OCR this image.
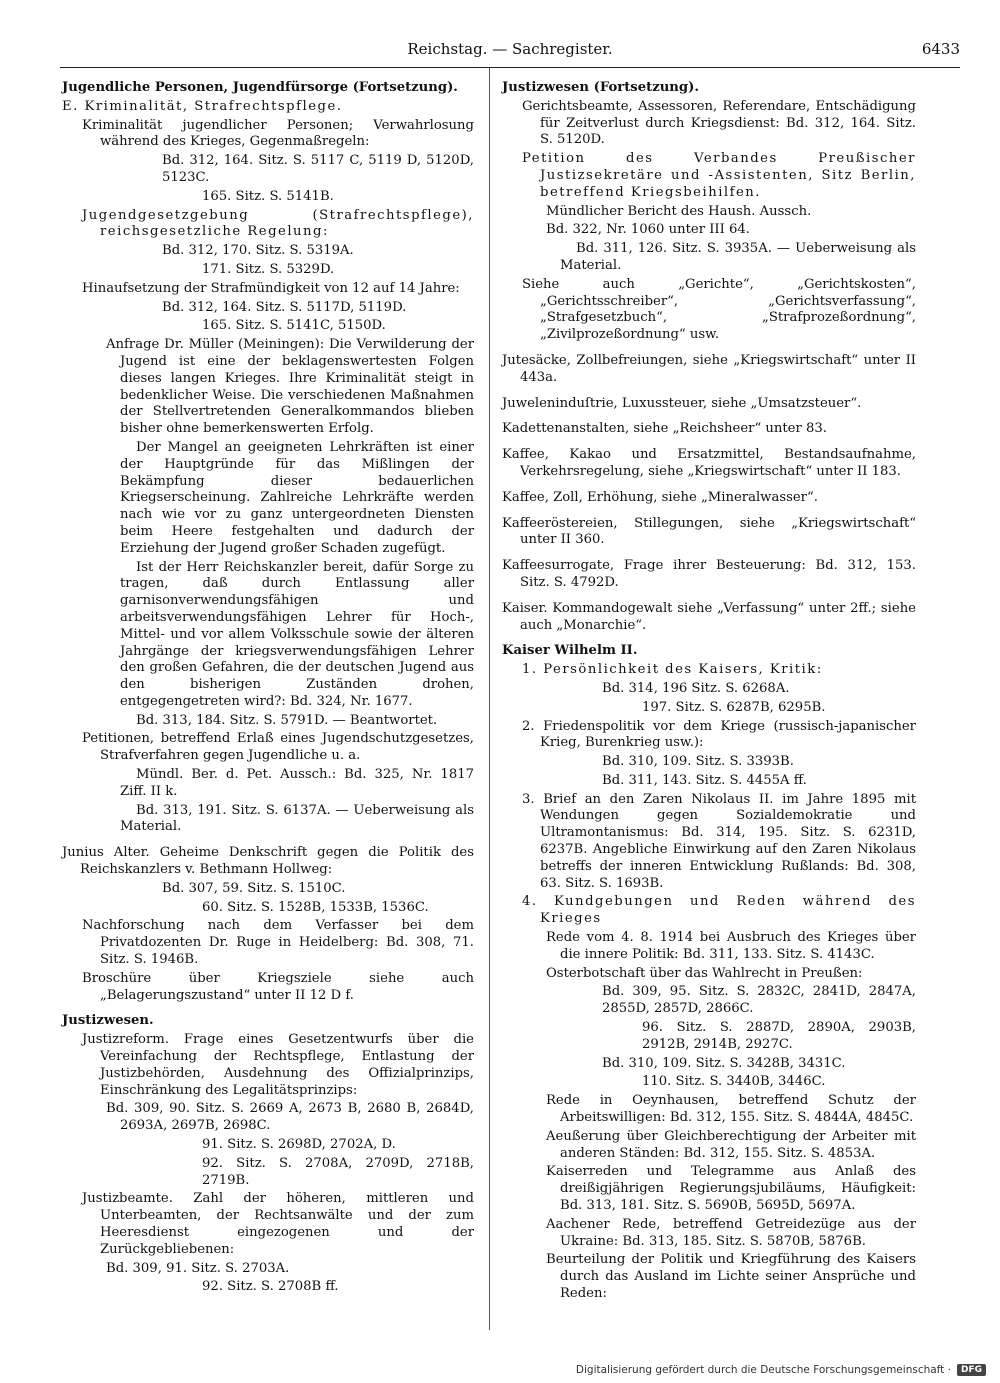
Reichstag. — Sachregister.	6433

Jugendliche Personen, Jugendfürsorge (Fortsetzung).

E. Kriminalität, Strafrechtspflege.

Kriminalität jugendlicher Personen; Verwahrlosung während des Krieges, Gegenmaßregeln:

Bd. 312, 164. Sitz. S. 5117 C, 5119 D, 5120D, 5123C.

165. Sitz. S. 5141B.

Jugendgesetzgebung (Strafrechtspflege), reichsgesetzliche Regelung:

Bd. 312, 170. Sitz. S. 5319A.

171. Sitz. S. 5329D.

Hinaufsetzung der Strafmündigkeit von 12 auf 14 Jahre:

Bd. 312, 164. Sitz. S. 5117D, 5119D.

165. Sitz. S. 5141C, 5150D.

Anfrage Dr. Müller (Meiningen): Die Verwilderung der Jugend ist eine der beklagenswertesten Folgen dieses langen Krieges. Ihre Kriminalität steigt in bedenklicher Weise. Die verschiedenen Maßnahmen der Stellvertretenden Generalkommandos blieben bisher ohne bemerkenswerten Erfolg.

Der Mangel an geeigneten Lehrkräften ist einer der Hauptgründe für das Mißlingen der Bekämpfung dieser bedauerlichen Kriegserscheinung. Zahlreiche Lehrkräfte werden nach wie vor zu ganz untergeordneten Diensten beim Heere festgehalten und dadurch der Erziehung der Jugend großer Schaden zugefügt.

Ist der Herr Reichskanzler bereit, dafür Sorge zu tragen, daß durch Entlassung aller garnisonverwendungsfähigen und arbeitsverwendungsfähigen Lehrer für Hoch-, Mittel- und vor allem Volksschule sowie der älteren Jahrgänge der kriegsverwendungsfähigen Lehrer den großen Gefahren, die der deutschen Jugend aus den bisherigen Zuständen drohen, entgegengetreten wird?: Bd. 324, Nr. 1677.

Bd. 313, 184. Sitz. S. 5791D. — Beantwortet.

Petitionen, betreffend Erlaß eines Jugendschutzgesetzes, Strafverfahren gegen Jugendliche u. a.

Mündl. Ber. d. Pet. Aussch.: Bd. 325, Nr. 1817 Ziff. II k.

Bd. 313, 191. Sitz. S. 6137A. — Ueberweisung als Material.

Junius Alter. Geheime Denkschrift gegen die Politik des Reichskanzlers v. Bethmann Hollweg:

Bd. 307, 59. Sitz. S. 1510C.

60. Sitz. S. 1528B, 1533B, 1536C.

Nachforschung nach dem Verfasser bei dem Privatdozenten Dr. Ruge in Heidelberg: Bd. 308, 71. Sitz. S. 1946B.

Broschüre über Kriegsziele siehe auch „Belagerungszustand“ unter II 12 D f.

Justizwesen.

Justizreform. Frage eines Gesetzentwurfs über die Vereinfachung der Rechtspflege, Entlastung der Justizbehörden, Ausdehnung des Offizialprinzips, Einschränkung des Legalitätsprinzips:

Bd. 309, 90. Sitz. S. 2669 A, 2673 B, 2680 B, 2684D, 2693A, 2697B, 2698C.

91. Sitz. S. 2698D, 2702A, D.

92. Sitz. S. 2708A, 2709D, 2718B, 2719B.

Justizbeamte. Zahl der höheren, mittleren und Unterbeamten, der Rechtsanwälte und der zum Heeresdienst eingezogenen und der Zurückgebliebenen:

Bd. 309, 91. Sitz. S. 2703A.

92. Sitz. S. 2708B ff.

Justizwesen (Fortsetzung).

Gerichtsbeamte, Assessoren, Referendare, Entschädigung für Zeitverlust durch Kriegsdienst: Bd. 312, 164. Sitz. S. 5120D.

Petition des Verbandes Preußischer Justizsekretäre und -Assistenten, Sitz Berlin, betreffend Kriegsbeihilfen.

Mündlicher Bericht des Haush. Aussch.

Bd. 322, Nr. 1060 unter III 64.

Bd. 311, 126. Sitz. S. 3935A. — Ueberweisung als Material.

Siehe auch „Gerichte“, „Gerichtskosten“, „Gerichtsschreiber“, „Gerichtsverfassung“, „Strafgesetzbuch“, „Strafprozeßordnung“, „Zivilprozeßordnung“ usw.

Jutesäcke, Zollbefreiungen, siehe „Kriegswirtschaft“ unter II 443a.

Juweleninduſtrie, Luxussteuer, siehe „Umsatzsteuer“.

Kadettenanstalten, siehe „Reichsheer“ unter 83.

Kaffee, Kakao und Ersatzmittel, Bestandsaufnahme, Verkehrsregelung, siehe „Kriegswirtschaft“ unter II 183.

Kaffee, Zoll, Erhöhung, siehe „Mineralwasser“.

Kaffeeröstereien, Stillegungen, siehe „Kriegswirtschaft“ unter II 360.

Kaffeesurrogate, Frage ihrer Besteuerung: Bd. 312, 153. Sitz. S. 4792D.

Kaiser. Kommandogewalt siehe „Verfassung“ unter 2ff.; siehe auch „Monarchie“.

Kaiser Wilhelm II.

1. Persönlichkeit des Kaisers, Kritik:

Bd. 314, 196 Sitz. S. 6268A.

197. Sitz. S. 6287B, 6295B.

2. Friedenspolitik vor dem Kriege (russisch-japanischer Krieg, Burenkrieg usw.):

Bd. 310, 109. Sitz. S. 3393B.

Bd. 311, 143. Sitz. S. 4455A ff.

3. Brief an den Zaren Nikolaus II. im Jahre 1895 mit Wendungen gegen Sozialdemokratie und Ultramontanismus: Bd. 314, 195. Sitz. S. 6231D, 6237B. Angebliche Einwirkung auf den Zaren Nikolaus betreffs der inneren Entwicklung Rußlands: Bd. 308, 63. Sitz. S. 1693B.

4. Kundgebungen und Reden während des Krieges

Rede vom 4. 8. 1914 bei Ausbruch des Krieges über die innere Politik: Bd. 311, 133. Sitz. S. 4143C.

Osterbotschaft über das Wahlrecht in Preußen:

Bd. 309, 95. Sitz. S. 2832C, 2841D, 2847A, 2855D, 2857D, 2866C.

96. Sitz. S. 2887D, 2890A, 2903B, 2912B, 2914B, 2927C.

Bd. 310, 109. Sitz. S. 3428B, 3431C.

110. Sitz. S. 3440B, 3446C.

Rede in Oeynhausen, betreffend Schutz der Arbeitswilligen: Bd. 312, 155. Sitz. S. 4844A, 4845C.

Aeußerung über Gleichberechtigung der Arbeiter mit anderen Ständen: Bd. 312, 155. Sitz. S. 4853A.

Kaiserreden und Telegramme aus Anlaß des dreißigjährigen Regierungsjubiläums, Häufigkeit: Bd. 313, 181. Sitz. S. 5690B, 5695D, 5697A.

Aachener Rede, betreffend Getreidezüge aus der Ukraine: Bd. 313, 185. Sitz. S. 5870B, 5876B.

Beurteilung der Politik und Kriegführung des Kaisers durch das Ausland im Lichte seiner Ansprüche und Reden:

Digitalisierung gefördert durch die Deutsche Forschungsgemeinschaft ·	DFG
